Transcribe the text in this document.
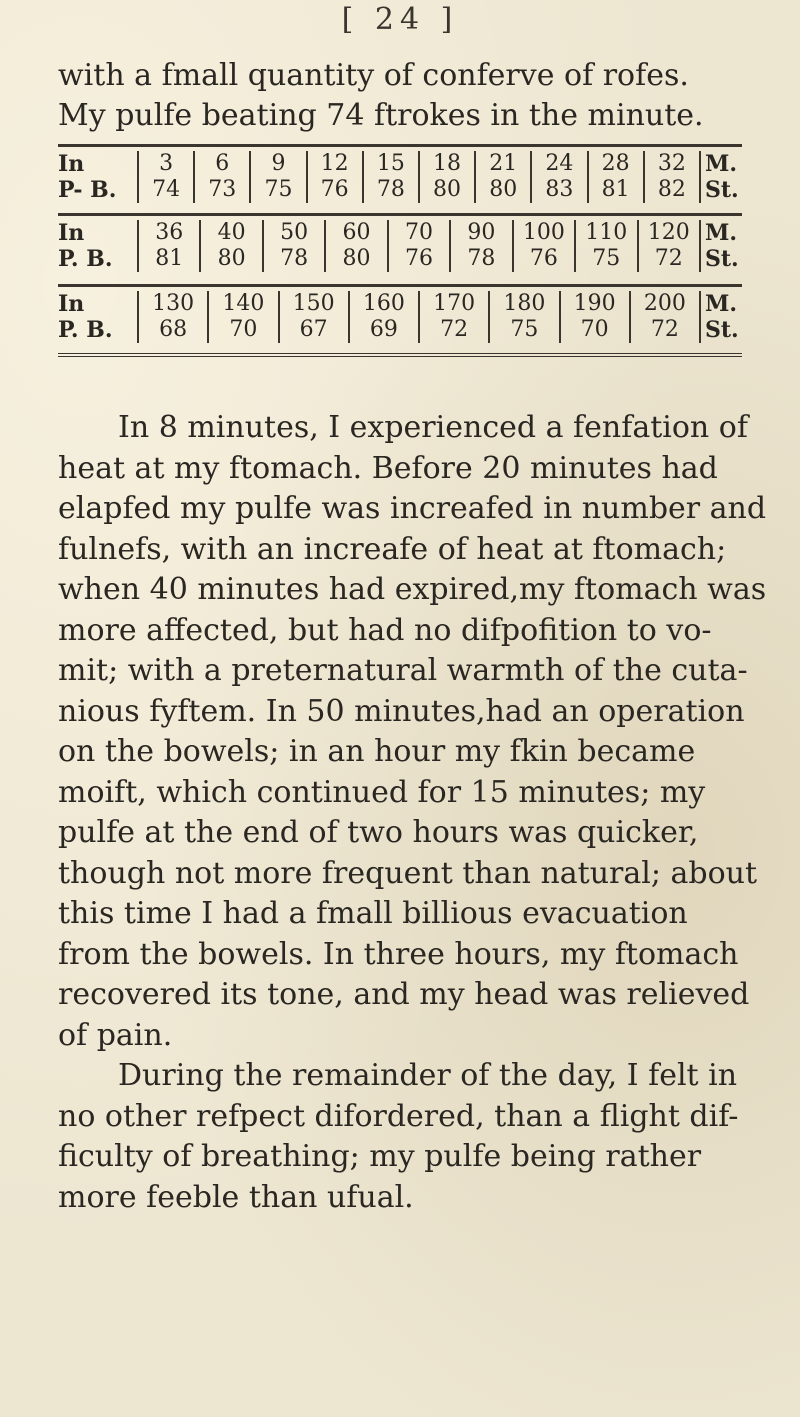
[ 24 ]

with a fmall quantity of conferve of rofes.

My pulfe beating 74 ftrokes in the minute.

In	3	6	9	12	15	18	21	24	28	32	M.
P- B.	74	73	75	76	78	80	80	83	81	82	St.
In	36	40	50	60	70	90	100	110	120	M.
P. B.	81	80	78	80	76	78	76	75	72	St.
In	130	140	150	160	170	180	190	200	M.
P. B.	68	70	67	69	72	75	70	72	St.

In 8 minutes, I experienced a fenfation of

heat at my ftomach. Before 20 minutes had

elapfed my pulfe was increafed in number and

fulnefs, with an increafe of heat at ftomach;

when 40 minutes had expired,my ftomach was

more affected, but had no difpofition to vo-

mit; with a preternatural warmth of the cuta-

nious fyftem. In 50 minutes,had an operation

on the bowels; in an hour my fkin became

moift, which continued for 15 minutes; my

pulfe at the end of two hours was quicker,

though not more frequent than natural; about

this time I had a fmall billious evacuation

from the bowels. In three hours, my ftomach

recovered its tone, and my head was relieved

of pain.

During the remainder of the day, I felt in

no other refpect difordered, than a flight dif-

ficulty of breathing; my pulfe being rather

more feeble than ufual.
